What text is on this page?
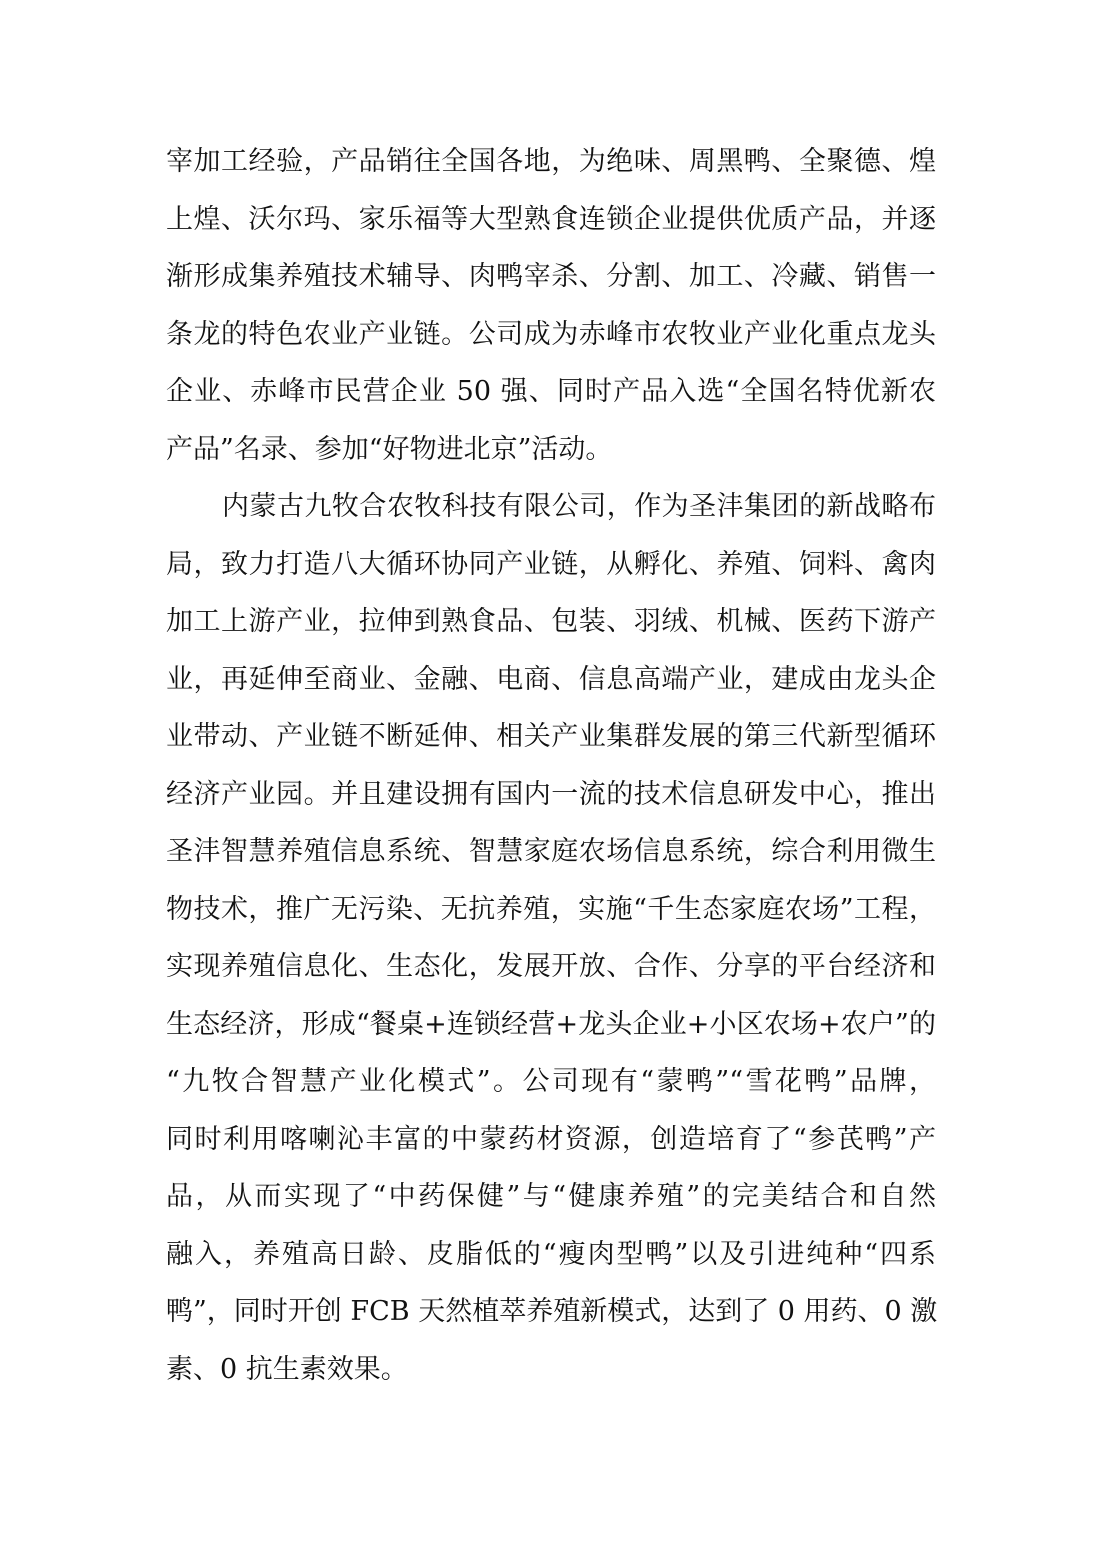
宰加工经验，产品销往全国各地，为绝味、周黑鸭、全聚德、煌
上煌、沃尔玛、家乐福等大型熟食连锁企业提供优质产品，并逐
渐形成集养殖技术辅导、肉鸭宰杀、分割、加工、冷藏、销售一
条龙的特色农业产业链。公司成为赤峰市农牧业产业化重点龙头
企业、赤峰市民营企业 50 强、同时产品入选“全国名特优新农
产品”名录、参加“好物进北京”活动。
内蒙古九牧合农牧科技有限公司，作为圣沣集团的新战略布
局，致力打造八大循环协同产业链，从孵化、养殖、饲料、禽肉
加工上游产业，拉伸到熟食品、包装、羽绒、机械、医药下游产
业，再延伸至商业、金融、电商、信息高端产业，建成由龙头企
业带动、产业链不断延伸、相关产业集群发展的第三代新型循环
经济产业园。并且建设拥有国内一流的技术信息研发中心，推出
圣沣智慧养殖信息系统、智慧家庭农场信息系统，综合利用微生
物技术，推广无污染、无抗养殖，实施“千生态家庭农场”工程，
实现养殖信息化、生态化，发展开放、合作、分享的平台经济和
生态经济，形成“餐桌+连锁经营+龙头企业+小区农场+农户”的
“九牧合智慧产业化模式”。公司现有“蒙鸭”“雪花鸭”品牌，
同时利用喀喇沁丰富的中蒙药材资源，创造培育了“参芪鸭”产
品，从而实现了“中药保健”与“健康养殖”的完美结合和自然
融入，养殖高日龄、皮脂低的“瘦肉型鸭”以及引进纯种“四系
鸭”，同时开创 FCB 天然植萃养殖新模式，达到了 0 用药、0 激
素、0 抗生素效果。
